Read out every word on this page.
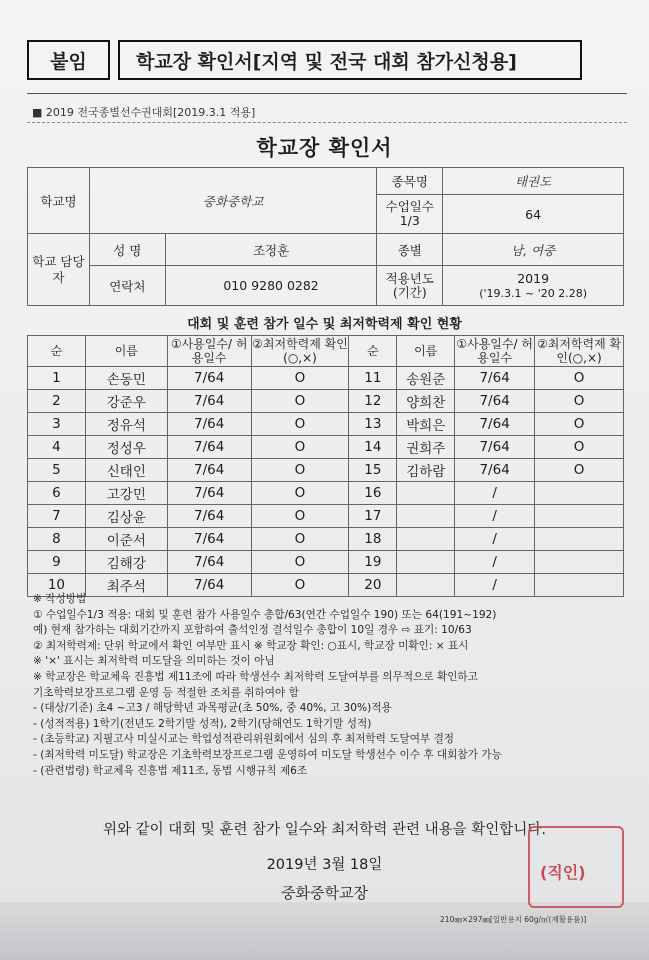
붙임	학교장 확인서[지역 및 전국 대회 참가신청용]
■ 2019 전국종별선수권대회[2019.3.1 적용]
학교장 확인서
학교명	중화중학교		종목명	태권도
			수업일수 1/3	64
학교 담당자	성 명	조정훈	종별	남, 여중
	연락처	010 9280 0282	적용년도 (기간)	2019
('19.3.1 ~ '20 2.28)
대회 및 훈련 참가 일수 및 최저학력제 확인 현황
순	이름	①사용일수/ 허용일수	②최저학력제 확인(○,×)	순	이름	①사용일수/ 허용일수	②최저학력제 확인(○,×)
1	손동민	7/64	O	11	송원준	7/64	O
2	강준우	7/64	O	12	양희찬	7/64	O
3	정유석	7/64	O	13	박희은	7/64	O
4	정성우	7/64	O	14	권희주	7/64	O
5	신태인	7/64	O	15	김하람	7/64	O
6	고강민	7/64	O	16		/	
7	김상윤	7/64	O	17		/	
8	이준서	7/64	O	18		/	
9	김해강	7/64	O	19		/	
10	최주석	7/64	O	20		/	
※ 작성방법
① 수업일수1/3 적용: 대회 및 훈련 참가 사용일수 총합/63(연간 수업일수 190) 또는 64(191~192)
예) 현재 참가하는 대회기간까지 포함하여 출석인정 결석일수 총합이 10일 경우 ⇨ 표기: 10/63
② 최저학력제: 단위 학교에서 확인 여부만 표시 ※ 학교장 확인: ○표시, 학교장 미확인: × 표시
※ '×' 표시는 최저학력 미도달을 의미하는 것이 아님
※ 학교장은 학교체육 진흥법 제11조에 따라 학생선수 최저학력 도달여부를 의무적으로 확인하고
기초학력보장프로그램 운영 등 적절한 조치를 취하여야 함
- (대상/기준) 초4 ~고3 / 해당학년 과목평균(초 50%, 중 40%, 고 30%)적용
- (성적적용) 1학기(전년도 2학기말 성적), 2학기(당해연도 1학기말 성적)
- (초등학교) 지필고사 미실시교는 학업성적관리위원회에서 심의 후 최저학력 도달여부 결정
- (최저학력 미도달) 학교장은 기초학력보장프로그램 운영하여 미도달 학생선수 이수 후 대회참가 가능
- (관련법령) 학교체육 진흥법 제11조, 동법 시행규칙 제6조
위와 같이 대회 및 훈련 참가 일수와 최저학력 관련 내용을 확인합니다.
2019년 3월 18일
중화중학교장
(직인)
210㎜×297㎜[일반용지 60g/㎡(재활용품)]
